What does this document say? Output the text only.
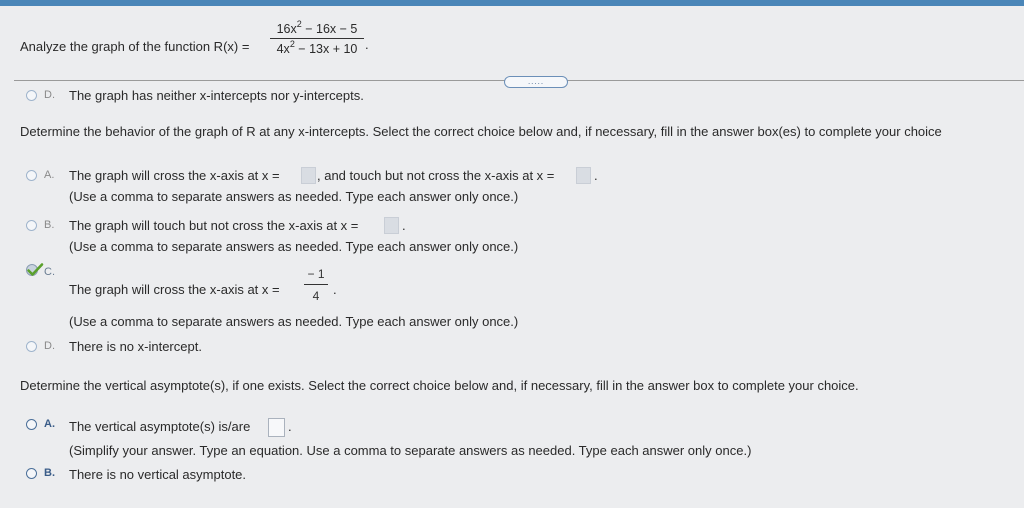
Analyze the graph of the function $R(x) = \frac{16x^2 - 16x - 5}{4x^2 - 13x + 10}$ .
.....
D. The graph has neither x-intercepts nor y-intercepts.
Determine the behavior of the graph of R at any x-intercepts. Select the correct choice below and, if necessary, fill in the answer box(es) to complete your choice
A. The graph will cross the x-axis at x =	, and touch but not cross the x-axis at x =	.
(Use a comma to separate answers as needed. Type each answer only once.)
B. The graph will touch but not cross the x-axis at x =	.
(Use a comma to separate answers as needed. Type each answer only once.)
C.
The graph will cross the x-axis at $x = \frac{- 1}{4}$ .
(Use a comma to separate answers as needed. Type each answer only once.)
D. There is no x-intercept.
Determine the vertical asymptote(s), if one exists. Select the correct choice below and, if necessary, fill in the answer box to complete your choice.
A. The vertical asymptote(s) is/are	.
(Simplify your answer. Type an equation. Use a comma to separate answers as needed. Type each answer only once.)
B. There is no vertical asymptote.
